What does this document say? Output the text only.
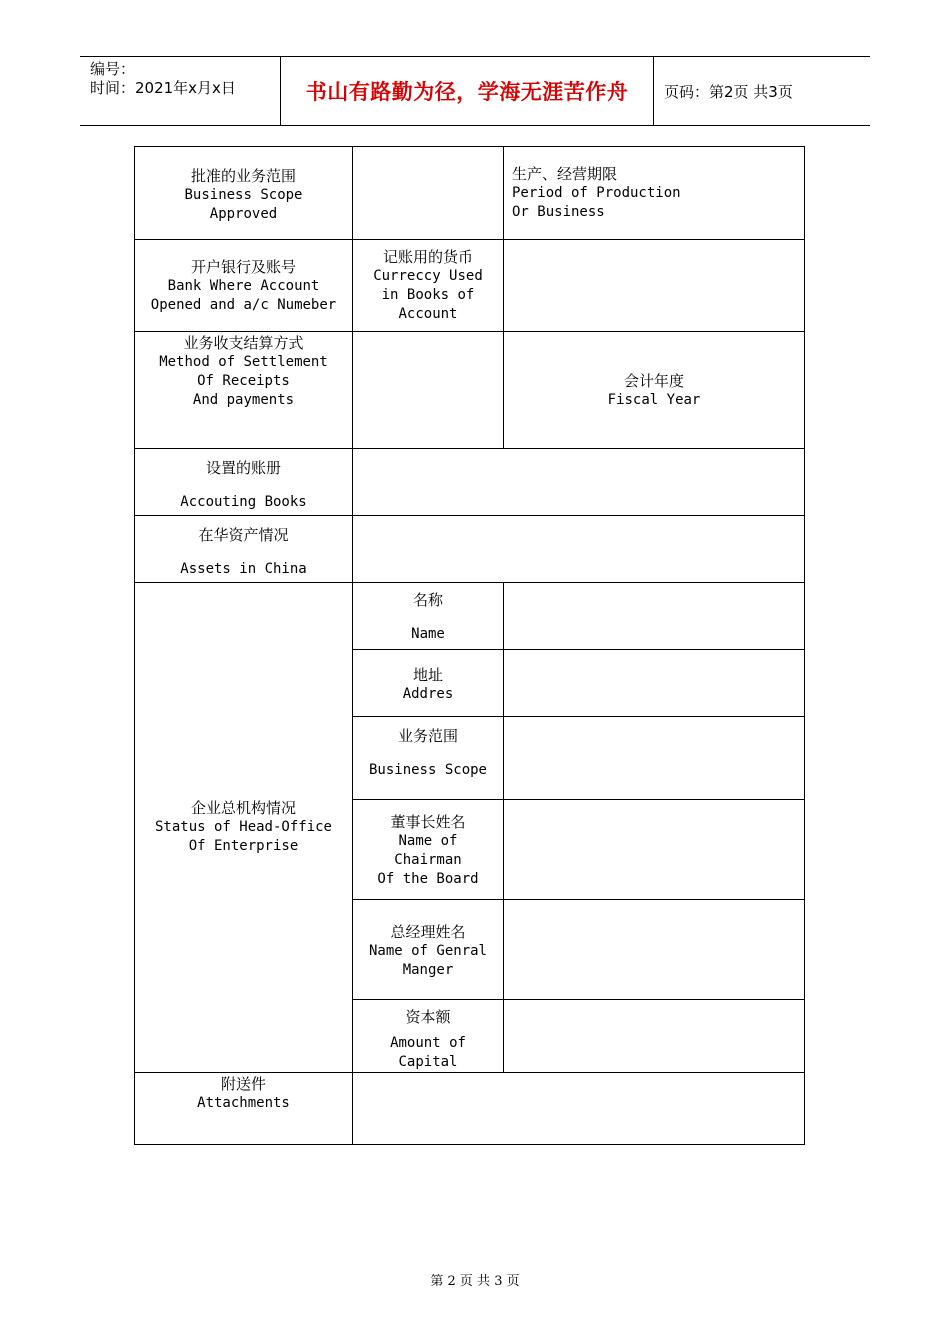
编号：
时间：2021年x月x日	书山有路勤为径，学海无涯苦作舟	页码：第2页 共3页
批准的业务范围
Business Scope
Approved
生产、经营期限
Period of Production
Or Business
开户银行及账号
Bank Where Account
Opened and a/c Numeber
记账用的货币
Curreccy Used
in Books of
Account
业务收支结算方式
Method of Settlement
Of Receipts
And payments
会计年度
Fiscal Year
设置的账册
Accouting Books
在华资产情况
Assets in China
企业总机构情况
Status of Head-Office
Of Enterprise
名称
Name
地址
Addres
业务范围
Business Scope
董事长姓名
Name of
Chairman
Of the Board
总经理姓名
Name of Genral
Manger
资本额
Amount of
Capital
附送件
Attachments
第 2 页 共 3 页
